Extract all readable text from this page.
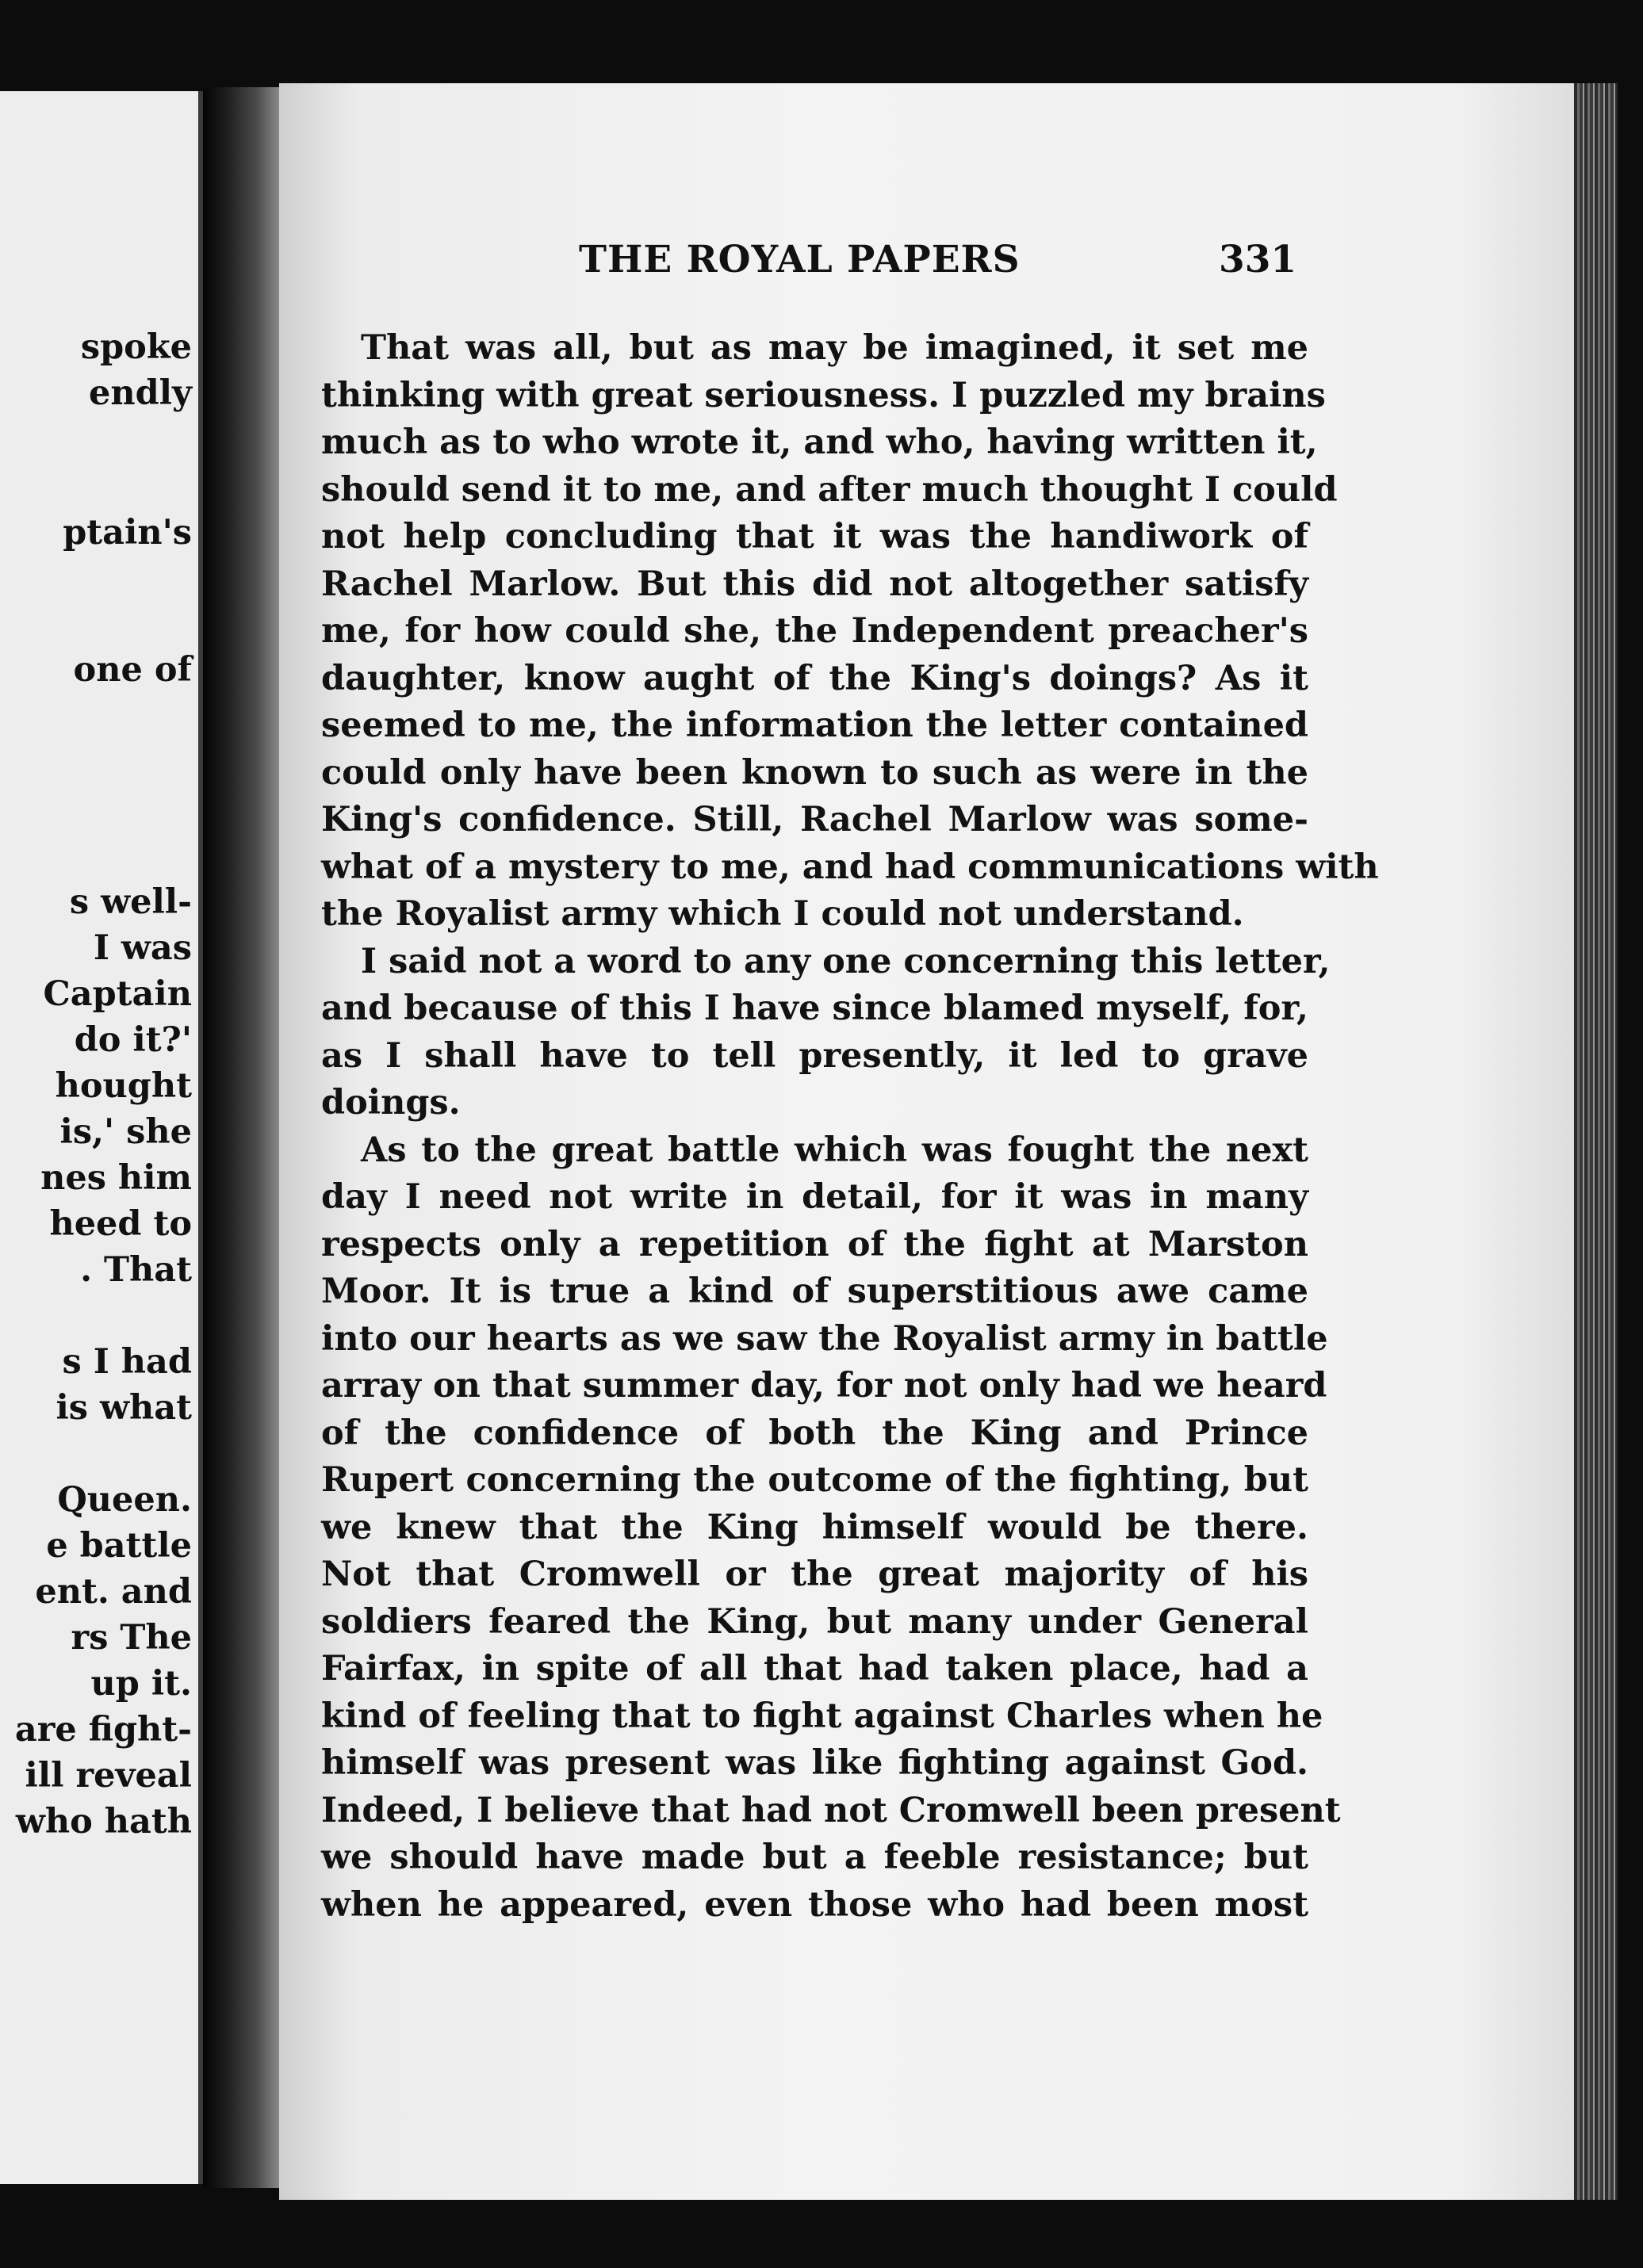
spoke
endly
ptain's
one of
s well-
I was
Captain
do it?'
hought
is,' she
nes him
heed to
. That
s I had
is what
Queen.
e battle
ent. and
rs The
up it.
are fight-
ill reveal
who hath
THE ROYAL PAPERS	331
That was all, but as may be imagined, it set me
thinking with great seriousness. I puzzled my brains
much as to who wrote it, and who, having written it,
should send it to me, and after much thought I could
not help concluding that it was the handiwork of
Rachel Marlow. But this did not altogether satisfy
me, for how could she, the Independent preacher's
daughter, know aught of the King's doings? As it
seemed to me, the information the letter contained
could only have been known to such as were in the
King's confidence. Still, Rachel Marlow was some-
what of a mystery to me, and had communications with
the Royalist army which I could not understand.
I said not a word to any one concerning this letter,
and because of this I have since blamed myself, for,
as I shall have to tell presently, it led to grave
doings.
As to the great battle which was fought the next
day I need not write in detail, for it was in many
respects only a repetition of the fight at Marston
Moor. It is true a kind of superstitious awe came
into our hearts as we saw the Royalist army in battle
array on that summer day, for not only had we heard
of the confidence of both the King and Prince
Rupert concerning the outcome of the fighting, but
we knew that the King himself would be there.
Not that Cromwell or the great majority of his
soldiers feared the King, but many under General
Fairfax, in spite of all that had taken place, had a
kind of feeling that to fight against Charles when he
himself was present was like fighting against God.
Indeed, I believe that had not Cromwell been present
we should have made but a feeble resistance; but
when he appeared, even those who had been most
